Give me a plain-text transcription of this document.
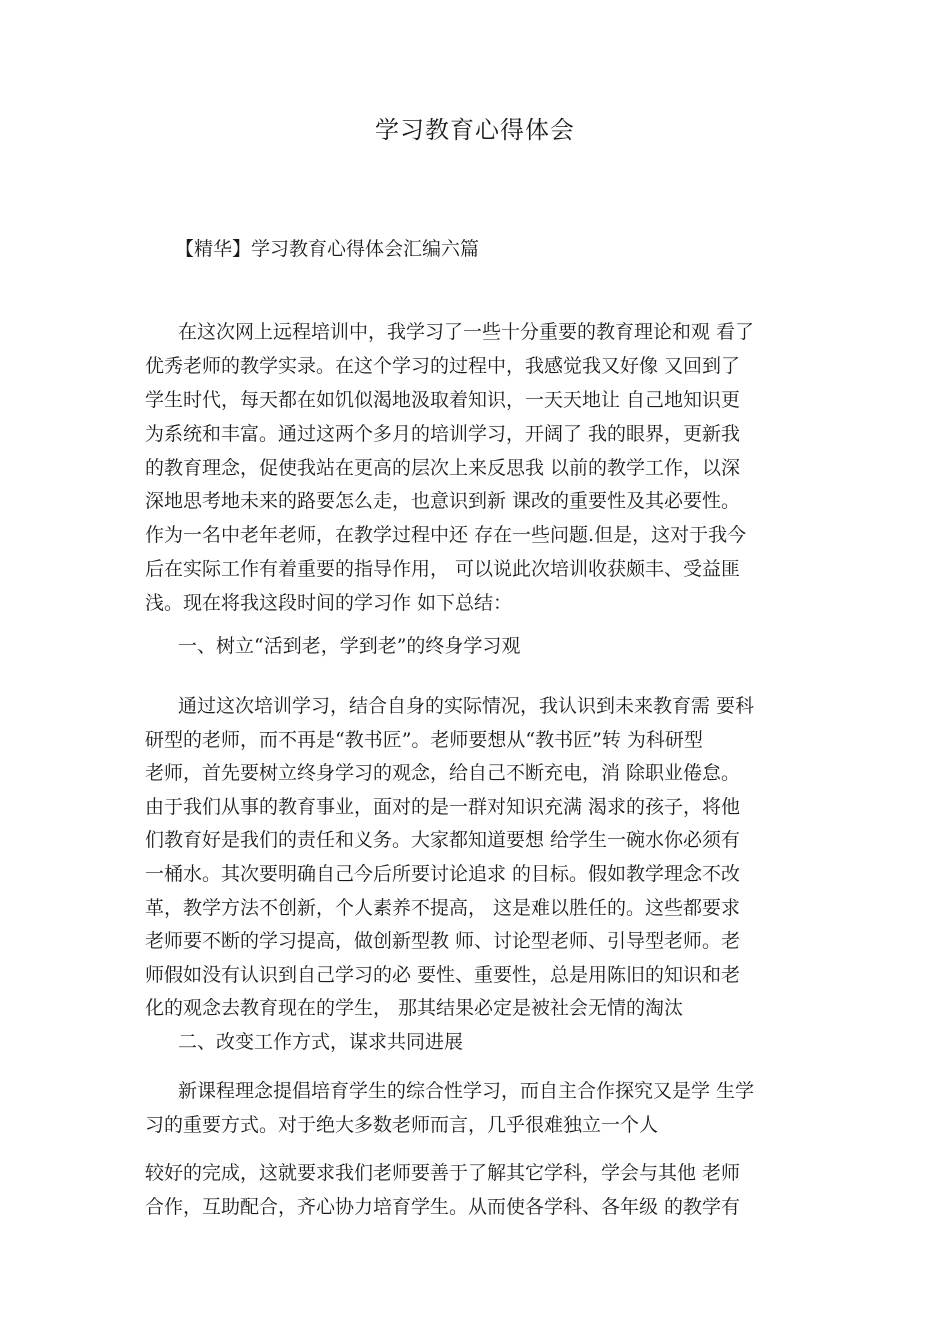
学习教育心得体会
【精华】学习教育心得体会汇编六篇
在这次网上远程培训中，我学习了一些十分重要的教育理论和观 看了
优秀老师的教学实录。在这个学习的过程中，我感觉我又好像 又回到了
学生时代，每天都在如饥似渴地汲取着知识，一天天地让 自己地知识更
为系统和丰富。通过这两个多月的培训学习，开阔了 我的眼界，更新我
的教育理念，促使我站在更高的层次上来反思我 以前的教学工作，以深
深地思考地未来的路要怎么走，也意识到新 课改的重要性及其必要性。
作为一名中老年老师，在教学过程中还 存在一些问题.但是，这对于我今
后在实际工作有着重要的指导作用， 可以说此次培训收获颇丰、受益匪
浅。现在将我这段时间的学习作 如下总结：
一、树立“活到老，学到老”的终身学习观
通过这次培训学习，结合自身的实际情况，我认识到未来教育需 要科
研型的老师，而不再是“教书匠”。老师要想从“教书匠”转 为科研型
老师，首先要树立终身学习的观念，给自己不断充电，消 除职业倦怠。
由于我们从事的教育事业，面对的是一群对知识充满 渴求的孩子，将他
们教育好是我们的责任和义务。大家都知道要想 给学生一碗水你必须有
一桶水。其次要明确自己今后所要讨论追求 的目标。假如教学理念不改
革，教学方法不创新，个人素养不提高， 这是难以胜任的。这些都要求
老师要不断的学习提高，做创新型教 师、讨论型老师、引导型老师。老
师假如没有认识到自己学习的必 要性、重要性，总是用陈旧的知识和老
化的观念去教育现在的学生， 那其结果必定是被社会无情的淘汰
二、改变工作方式，谋求共同进展
新课程理念提倡培育学生的综合性学习，而自主合作探究又是学 生学
习的重要方式。对于绝大多数老师而言，几乎很难独立一个人
较好的完成，这就要求我们老师要善于了解其它学科，学会与其他 老师
合作，互助配合，齐心协力培育学生。从而使各学科、各年级 的教学有
